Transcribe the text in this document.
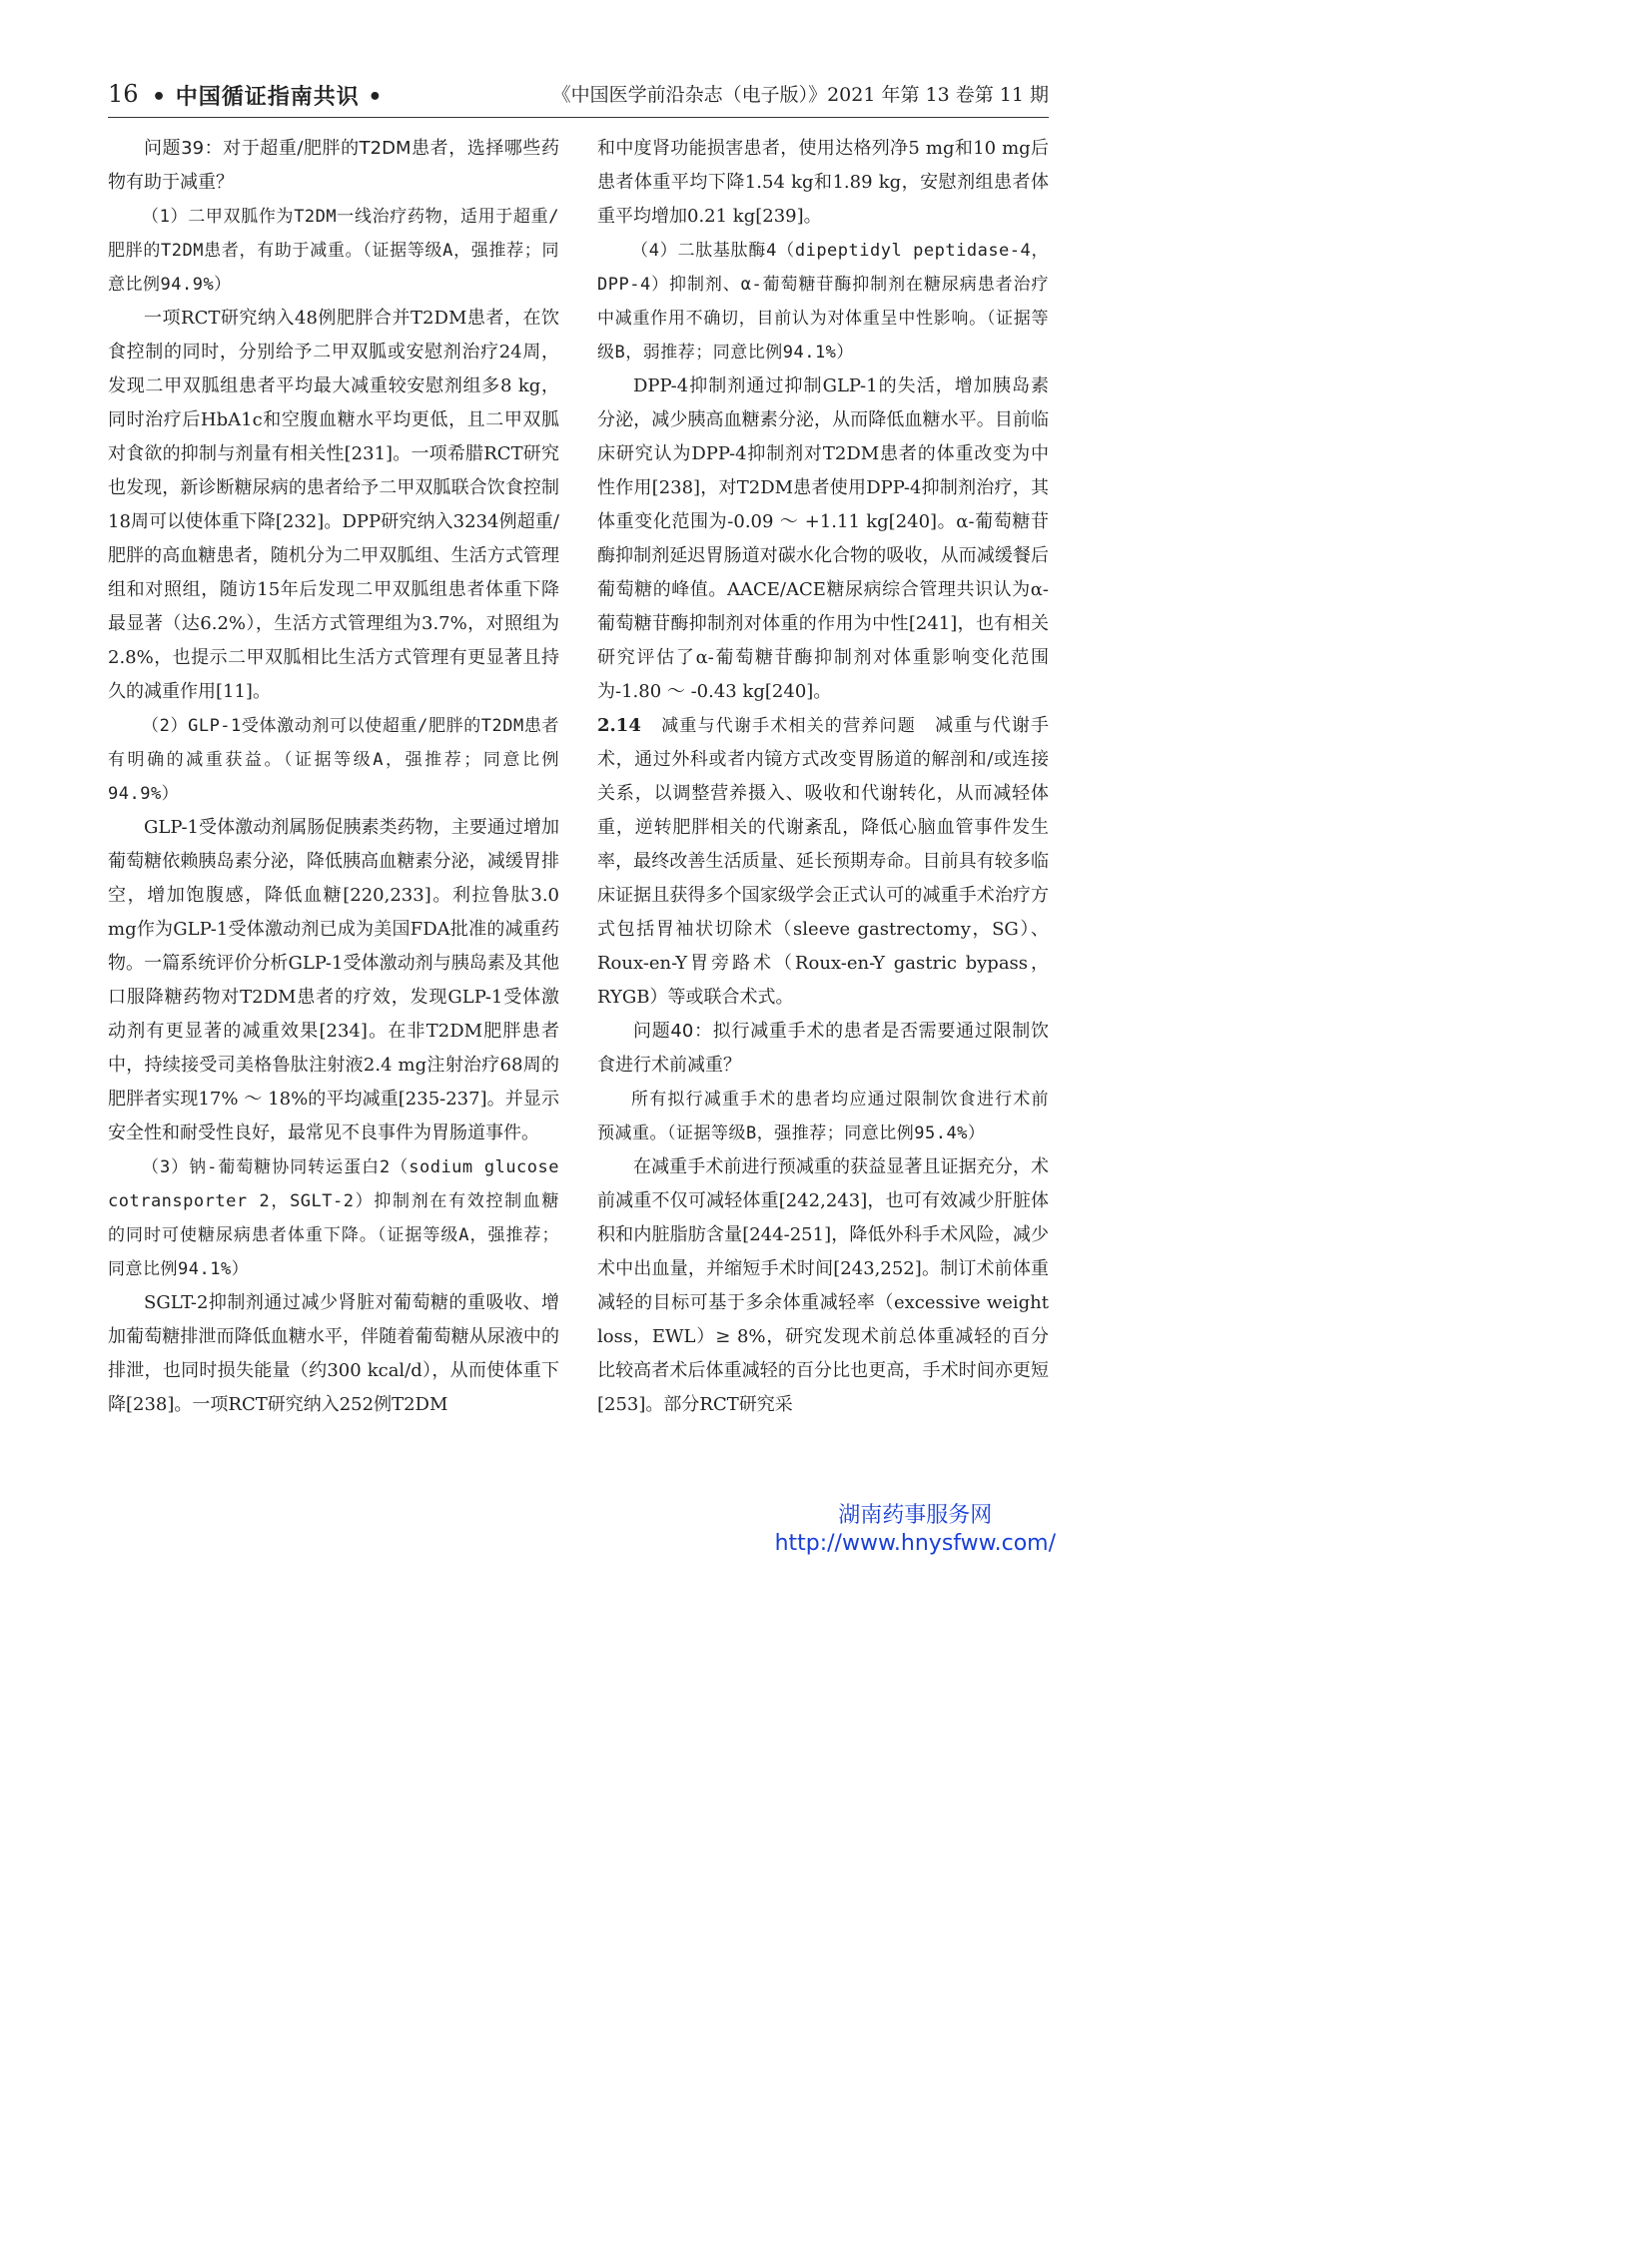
16 • 中国循证指南共识 •	《中国医学前沿杂志（电子版）》2021 年第 13 卷第 11 期

问题39：对于超重/肥胖的T2DM患者，选择哪些药物有助于减重？

（1）二甲双胍作为T2DM一线治疗药物，适用于超重/肥胖的T2DM患者，有助于减重。（证据等级A，强推荐；同意比例94.9%）

一项RCT研究纳入48例肥胖合并T2DM患者，在饮食控制的同时，分别给予二甲双胍或安慰剂治疗24周，发现二甲双胍组患者平均最大减重较安慰剂组多8 kg，同时治疗后HbA1c和空腹血糖水平均更低，且二甲双胍对食欲的抑制与剂量有相关性[231]。一项希腊RCT研究也发现，新诊断糖尿病的患者给予二甲双胍联合饮食控制18周可以使体重下降[232]。DPP研究纳入3234例超重/肥胖的高血糖患者，随机分为二甲双胍组、生活方式管理组和对照组，随访15年后发现二甲双胍组患者体重下降最显著（达6.2%），生活方式管理组为3.7%，对照组为2.8%，也提示二甲双胍相比生活方式管理有更显著且持久的减重作用[11]。

（2）GLP-1受体激动剂可以使超重/肥胖的T2DM患者有明确的减重获益。（证据等级A，强推荐；同意比例94.9%）

GLP-1受体激动剂属肠促胰素类药物，主要通过增加葡萄糖依赖胰岛素分泌，降低胰高血糖素分泌，减缓胃排空，增加饱腹感，降低血糖[220,233]。利拉鲁肽3.0 mg作为GLP-1受体激动剂已成为美国FDA批准的减重药物。一篇系统评价分析GLP-1受体激动剂与胰岛素及其他口服降糖药物对T2DM患者的疗效，发现GLP-1受体激动剂有更显著的减重效果[234]。在非T2DM肥胖患者中，持续接受司美格鲁肽注射液2.4 mg注射治疗68周的肥胖者实现17% ～ 18%的平均减重[235-237]。并显示安全性和耐受性良好，最常见不良事件为胃肠道事件。

（3）钠-葡萄糖协同转运蛋白2（sodium glucose cotransporter 2，SGLT-2）抑制剂在有效控制血糖的同时可使糖尿病患者体重下降。（证据等级A，强推荐；同意比例94.1%）

SGLT-2抑制剂通过减少肾脏对葡萄糖的重吸收、增加葡萄糖排泄而降低血糖水平，伴随着葡萄糖从尿液中的排泄，也同时损失能量（约300 kcal/d），从而使体重下降[238]。一项RCT研究纳入252例T2DM

和中度肾功能损害患者，使用达格列净5 mg和10 mg后患者体重平均下降1.54 kg和1.89 kg，安慰剂组患者体重平均增加0.21 kg[239]。

（4）二肽基肽酶4（dipeptidyl peptidase-4，DPP-4）抑制剂、α-葡萄糖苷酶抑制剂在糖尿病患者治疗中减重作用不确切，目前认为对体重呈中性影响。（证据等级B，弱推荐；同意比例94.1%）

DPP-4抑制剂通过抑制GLP-1的失活，增加胰岛素分泌，减少胰高血糖素分泌，从而降低血糖水平。目前临床研究认为DPP-4抑制剂对T2DM患者的体重改变为中性作用[238]，对T2DM患者使用DPP-4抑制剂治疗，其体重变化范围为-0.09 ～ +1.11 kg[240]。α-葡萄糖苷酶抑制剂延迟胃肠道对碳水化合物的吸收，从而减缓餐后葡萄糖的峰值。AACE/ACE糖尿病综合管理共识认为α-葡萄糖苷酶抑制剂对体重的作用为中性[241]，也有相关研究评估了α-葡萄糖苷酶抑制剂对体重影响变化范围为-1.80 ～ -0.43 kg[240]。

2.14　 减重与代谢手术相关的营养问题　 减重与代谢手术，通过外科或者内镜方式改变胃肠道的解剖和/或连接关系，以调整营养摄入、吸收和代谢转化，从而减轻体重，逆转肥胖相关的代谢紊乱，降低心脑血管事件发生率，最终改善生活质量、延长预期寿命。目前具有较多临床证据且获得多个国家级学会正式认可的减重手术治疗方式包括胃袖状切除术（sleeve gastrectomy，SG）、Roux-en-Y胃旁路术（Roux-en-Y gastric bypass，RYGB）等或联合术式。

问题40：拟行减重手术的患者是否需要通过限制饮食进行术前减重？

所有拟行减重手术的患者均应通过限制饮食进行术前预减重。（证据等级B，强推荐；同意比例95.4%）

在减重手术前进行预减重的获益显著且证据充分，术前减重不仅可减轻体重[242,243]，也可有效减少肝脏体积和内脏脂肪含量[244-251]，降低外科手术风险，减少术中出血量，并缩短手术时间[243,252]。制订术前体重减轻的目标可基于多余体重减轻率（excessive weight loss，EWL）≥ 8%，研究发现术前总体重减轻的百分比较高者术后体重减轻的百分比也更高，手术时间亦更短[253]。部分RCT研究采

湖南药事服务网
http://www.hnysfww.com/
